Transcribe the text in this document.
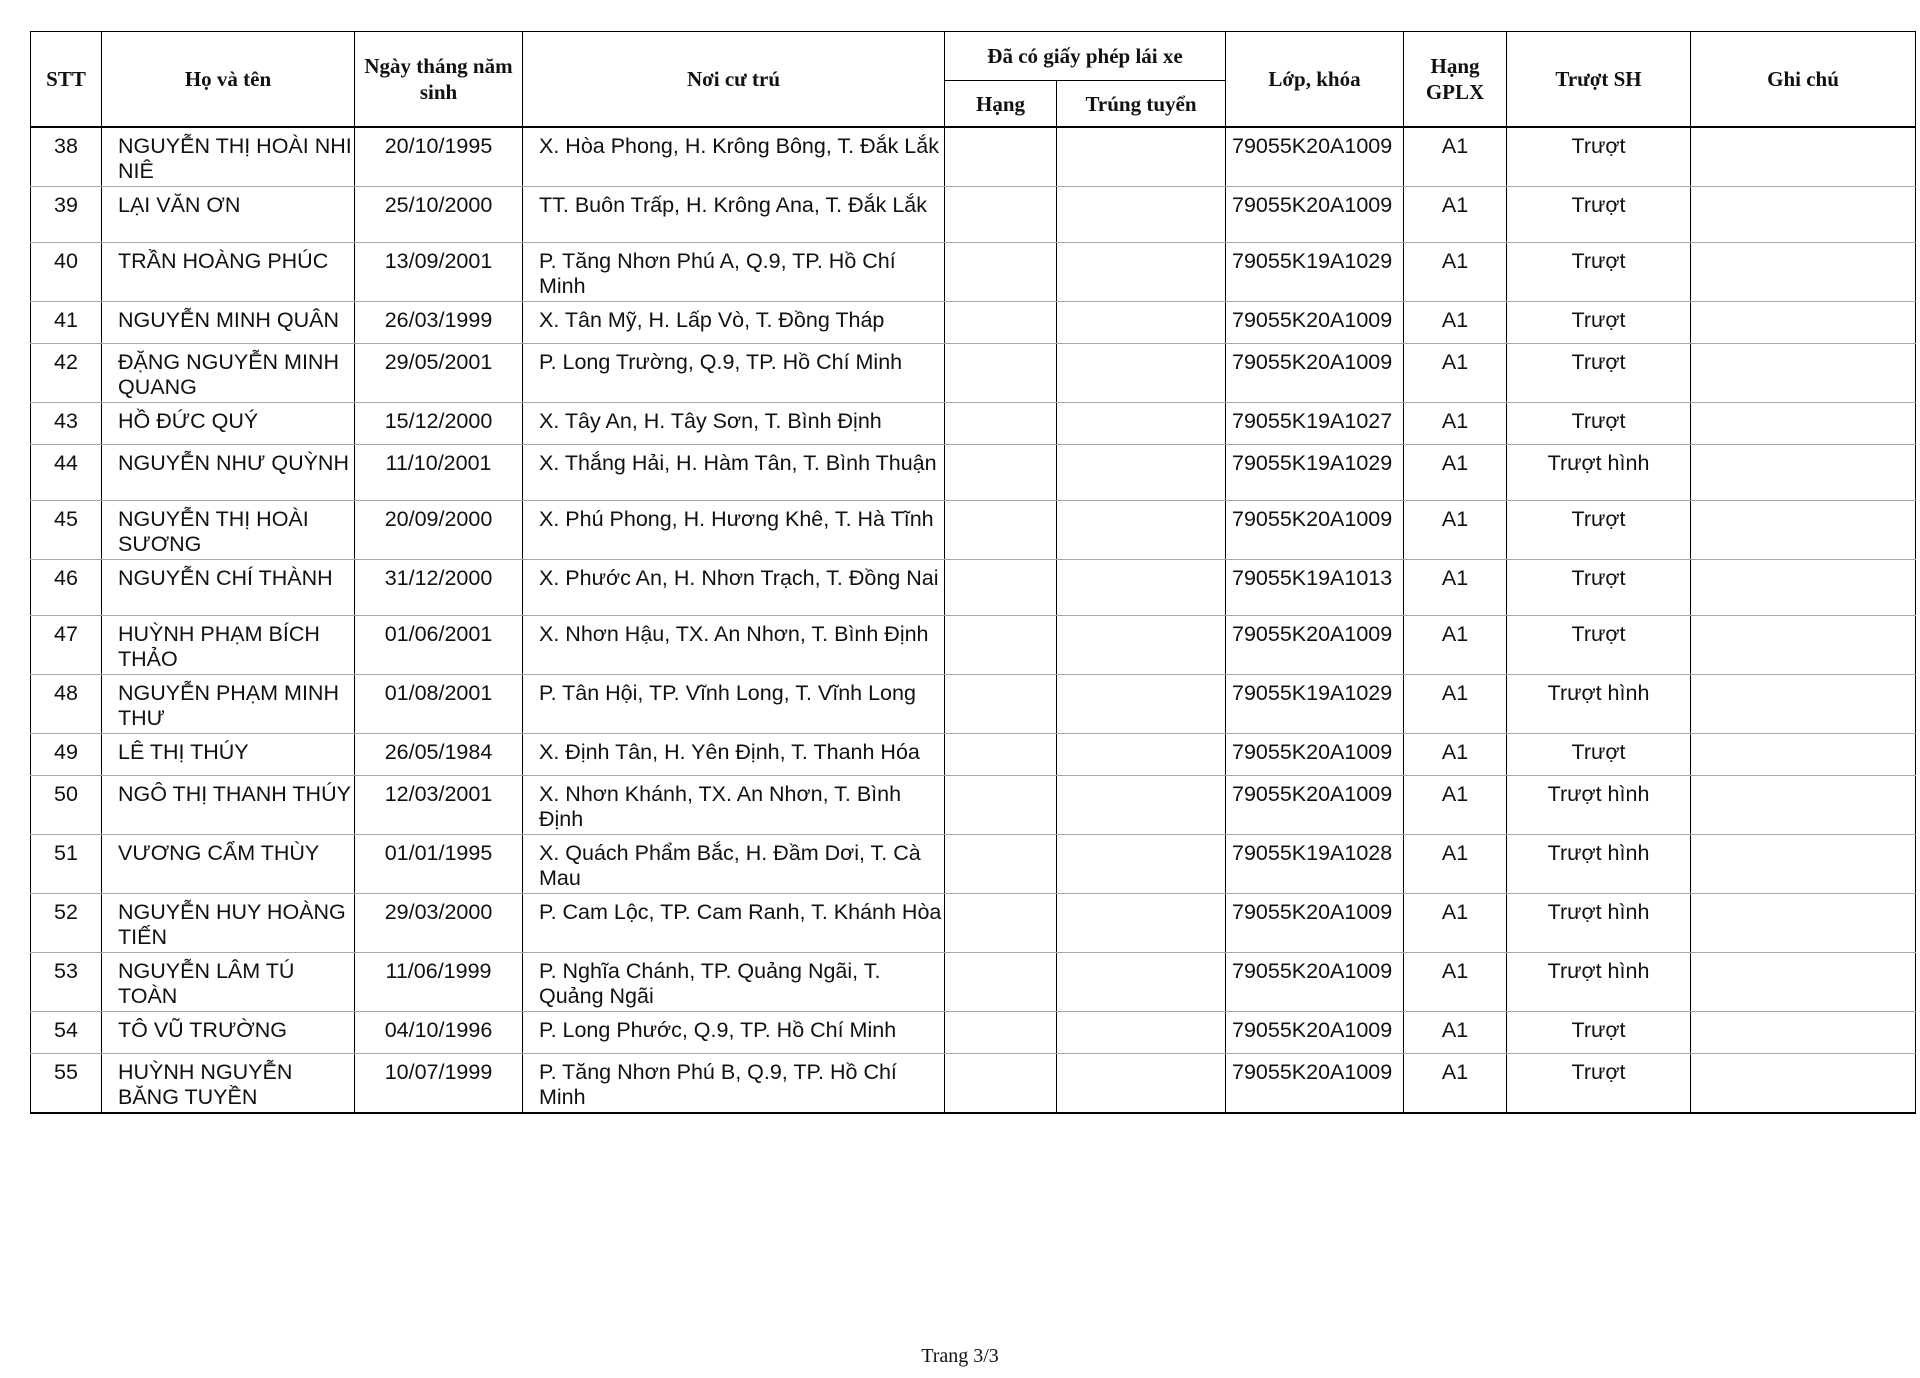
STT	Họ và tên	Ngày tháng năm sinh	Nơi cư trú	Đã có giấy phép lái xe		Lớp, khóa	Hạng GPLX	Trượt SH	Ghi chú
				Hạng	Trúng tuyển				
38	NGUYỄN THỊ HOÀI NHI NIÊ	20/10/1995	X. Hòa Phong, H. Krông Bông, T. Đắk Lắk			79055K20A1009	A1	Trượt	
39	LẠI VĂN ƠN	25/10/2000	TT. Buôn Trấp, H. Krông Ana, T. Đắk Lắk			79055K20A1009	A1	Trượt	
40	TRẦN HOÀNG PHÚC	13/09/2001	P. Tăng Nhơn Phú A, Q.9, TP. Hồ Chí Minh			79055K19A1029	A1	Trượt	
41	NGUYỄN MINH QUÂN	26/03/1999	X. Tân Mỹ, H. Lấp Vò, T. Đồng Tháp			79055K20A1009	A1	Trượt	
42	ĐẶNG NGUYỄN MINH QUANG	29/05/2001	P. Long Trường, Q.9, TP. Hồ Chí Minh			79055K20A1009	A1	Trượt	
43	HỒ ĐỨC QUÝ	15/12/2000	X. Tây An, H. Tây Sơn, T. Bình Định			79055K19A1027	A1	Trượt	
44	NGUYỄN NHƯ QUỲNH	11/10/2001	X. Thắng Hải, H. Hàm Tân, T. Bình Thuận			79055K19A1029	A1	Trượt hình	
45	NGUYỄN THỊ HOÀI SƯƠNG	20/09/2000	X. Phú Phong, H. Hương Khê, T. Hà Tĩnh			79055K20A1009	A1	Trượt	
46	NGUYỄN CHÍ THÀNH	31/12/2000	X. Phước An, H. Nhơn Trạch, T. Đồng Nai			79055K19A1013	A1	Trượt	
47	HUỲNH PHẠM BÍCH THẢO	01/06/2001	X. Nhơn Hậu, TX. An Nhơn, T. Bình Định			79055K20A1009	A1	Trượt	
48	NGUYỄN PHẠM MINH THƯ	01/08/2001	P. Tân Hội, TP. Vĩnh Long, T. Vĩnh Long			79055K19A1029	A1	Trượt hình	
49	LÊ THỊ THÚY	26/05/1984	X. Định Tân, H. Yên Định, T. Thanh Hóa			79055K20A1009	A1	Trượt	
50	NGÔ THỊ THANH THÚY	12/03/2001	X. Nhơn Khánh, TX. An Nhơn, T. Bình Định			79055K20A1009	A1	Trượt hình	
51	VƯƠNG CẨM THÙY	01/01/1995	X. Quách Phẩm Bắc, H. Đầm Dơi, T. Cà Mau			79055K19A1028	A1	Trượt hình	
52	NGUYỄN HUY HOÀNG TIẾN	29/03/2000	P. Cam Lộc, TP. Cam Ranh, T. Khánh Hòa			79055K20A1009	A1	Trượt hình	
53	NGUYỄN LÂM TÚ TOÀN	11/06/1999	P. Nghĩa Chánh, TP. Quảng Ngãi, T. Quảng Ngãi			79055K20A1009	A1	Trượt hình	
54	TÔ VŨ TRƯỜNG	04/10/1996	P. Long Phước, Q.9, TP. Hồ Chí Minh			79055K20A1009	A1	Trượt	
55	HUỲNH NGUYỄN BĂNG TUYỀN	10/07/1999	P. Tăng Nhơn Phú B, Q.9, TP. Hồ Chí Minh			79055K20A1009	A1	Trượt	
Trang 3/3
